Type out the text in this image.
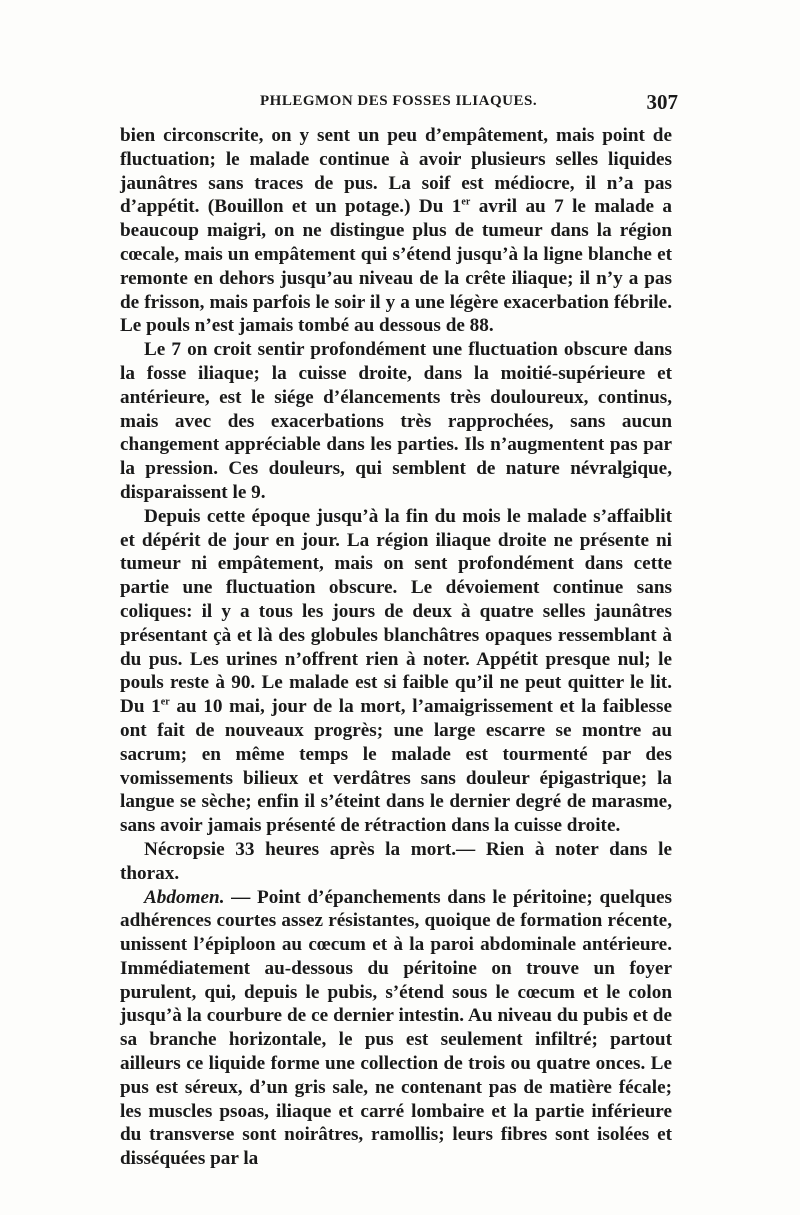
PHLEGMON DES FOSSES ILIAQUES.	307

bien circonscrite, on y sent un peu d’empâtement, mais point de fluctuation; le malade continue à avoir plusieurs selles liquides jaunâtres sans traces de pus. La soif est médiocre, il n’a pas d’appétit. (Bouillon et un potage.) Du 1er avril au 7 le malade a beaucoup maigri, on ne distingue plus de tumeur dans la région cœcale, mais un empâtement qui s’étend jusqu’à la ligne blanche et remonte en dehors jusqu’au niveau de la crête iliaque; il n’y a pas de frisson, mais parfois le soir il y a une légère exacerbation fébrile. Le pouls n’est jamais tombé au dessous de 88.

Le 7 on croit sentir profondément une fluctuation obscure dans la fosse iliaque; la cuisse droite, dans la moitié-supérieure et antérieure, est le siége d’élancements très douloureux, continus, mais avec des exacerbations très rapprochées, sans aucun changement appréciable dans les parties. Ils n’augmentent pas par la pression. Ces douleurs, qui semblent de nature névralgique, disparaissent le 9.

Depuis cette époque jusqu’à la fin du mois le malade s’affaiblit et dépérit de jour en jour. La région iliaque droite ne présente ni tumeur ni empâtement, mais on sent profondément dans cette partie une fluctuation obscure. Le dévoiement continue sans coliques: il y a tous les jours de deux à quatre selles jaunâtres présentant çà et là des globules blanchâtres opaques ressemblant à du pus. Les urines n’offrent rien à noter. Appétit presque nul; le pouls reste à 90. Le malade est si faible qu’il ne peut quitter le lit. Du 1er au 10 mai, jour de la mort, l’amaigrissement et la faiblesse ont fait de nouveaux progrès; une large escarre se montre au sacrum; en même temps le malade est tourmenté par des vomissements bilieux et verdâtres sans douleur épigastrique; la langue se sèche; enfin il s’éteint dans le dernier degré de marasme, sans avoir jamais présenté de rétraction dans la cuisse droite.

Nécropsie 33 heures après la mort.— Rien à noter dans le thorax.

Abdomen. — Point d’épanchements dans le péritoine; quelques adhérences courtes assez résistantes, quoique de formation récente, unissent l’épiploon au cœcum et à la paroi abdominale antérieure. Immédiatement au-dessous du péritoine on trouve un foyer purulent, qui, depuis le pubis, s’étend sous le cœcum et le colon jusqu’à la courbure de ce dernier intestin. Au niveau du pubis et de sa branche horizontale, le pus est seulement infiltré; partout ailleurs ce liquide forme une collection de trois ou quatre onces. Le pus est séreux, d’un gris sale, ne contenant pas de matière fécale; les muscles psoas, iliaque et carré lombaire et la partie inférieure du transverse sont noirâtres, ramollis; leurs fibres sont isolées et disséquées par la
